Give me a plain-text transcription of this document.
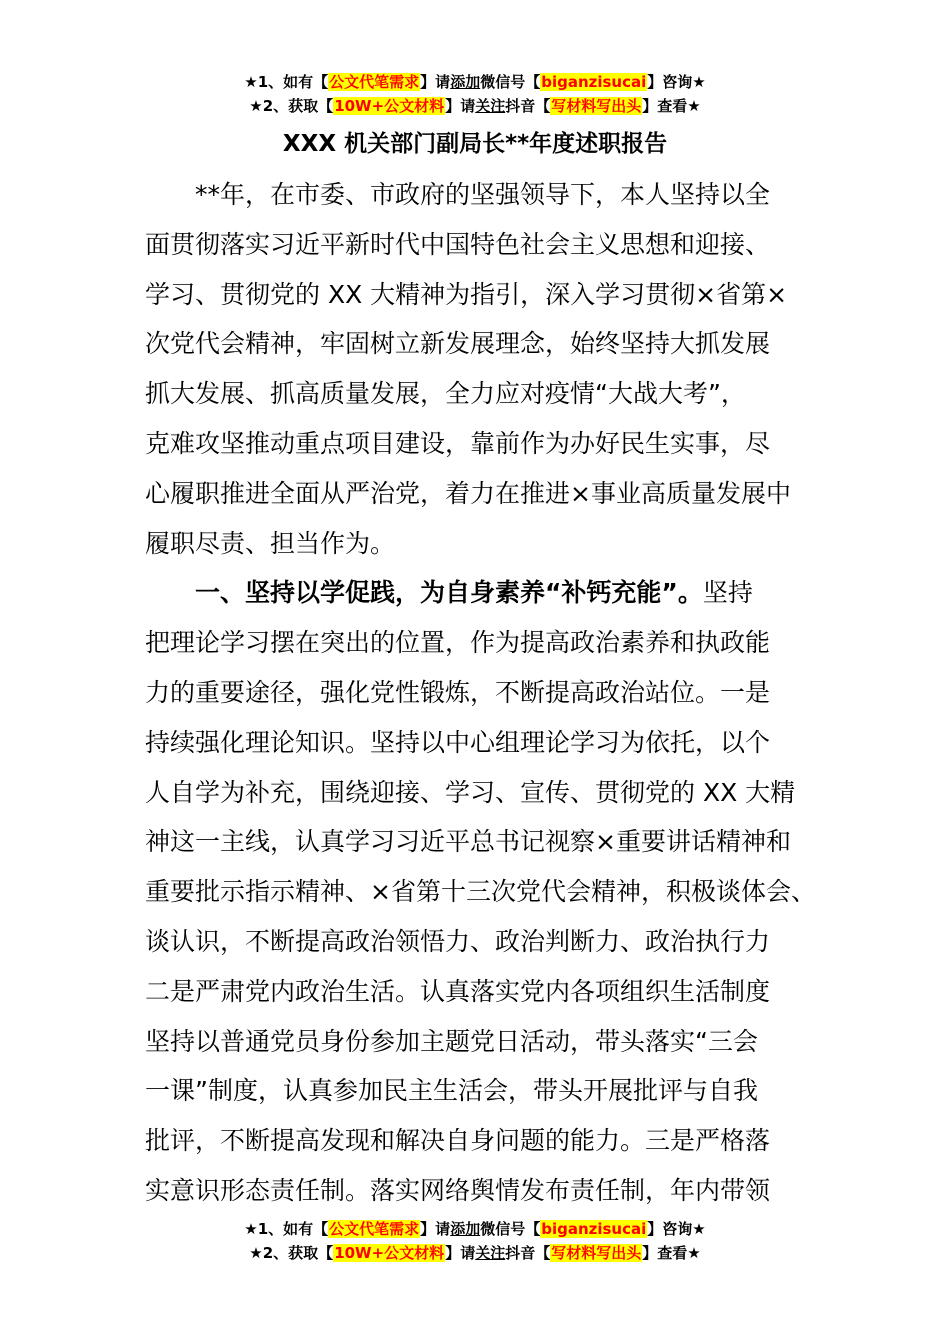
★1、如有【公文代笔需求】请添加微信号【biganzisucai】咨询★
★2、获取【10W+公文材料】请关注抖音【写材料写出头】查看★
XXX 机关部门副局长**年度述职报告
**年，在市委、市政府的坚强领导下，本人坚持以全
面贯彻落实习近平新时代中国特色社会主义思想和迎接、
学习、贯彻党的 XX 大精神为指引，深入学习贯彻×省第×
次党代会精神，牢固树立新发展理念，始终坚持大抓发展
抓大发展、抓高质量发展，全力应对疫情“大战大考”，
克难攻坚推动重点项目建设，靠前作为办好民生实事，尽
心履职推进全面从严治党，着力在推进×事业高质量发展中
履职尽责、担当作为。
一、坚持以学促践，为自身素养“补钙充能”。坚持
把理论学习摆在突出的位置，作为提高政治素养和执政能
力的重要途径，强化党性锻炼，不断提高政治站位。一是
持续强化理论知识。坚持以中心组理论学习为依托，以个
人自学为补充，围绕迎接、学习、宣传、贯彻党的 XX 大精
神这一主线，认真学习习近平总书记视察×重要讲话精神和
重要批示指示精神、×省第十三次党代会精神，积极谈体会、
谈认识，不断提高政治领悟力、政治判断力、政治执行力
二是严肃党内政治生活。认真落实党内各项组织生活制度
坚持以普通党员身份参加主题党日活动，带头落实“三会
一课”制度，认真参加民主生活会，带头开展批评与自我
批评，不断提高发现和解决自身问题的能力。三是严格落
实意识形态责任制。落实网络舆情发布责任制，年内带领
★1、如有【公文代笔需求】请添加微信号【biganzisucai】咨询★
★2、获取【10W+公文材料】请关注抖音【写材料写出头】查看★
